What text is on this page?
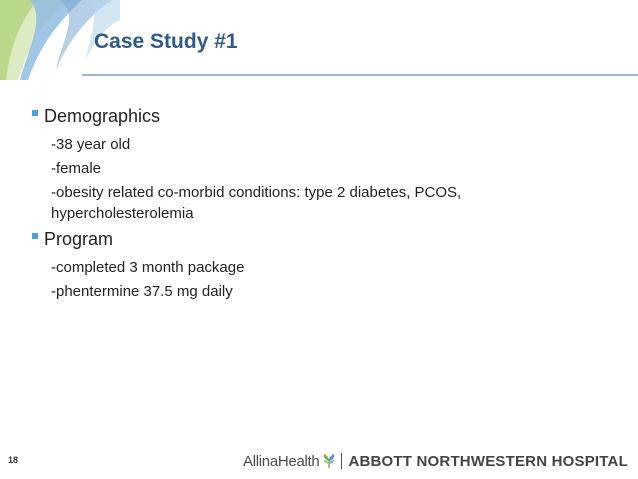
Case Study #1
Demographics
-38 year old
-female
-obesity related co-morbid conditions: type 2 diabetes, PCOS, hypercholesterolemia
Program
-completed 3 month package
-phentermine 37.5 mg daily
18	AllinaHealth ABBOTT NORTHWESTERN HOSPITAL
